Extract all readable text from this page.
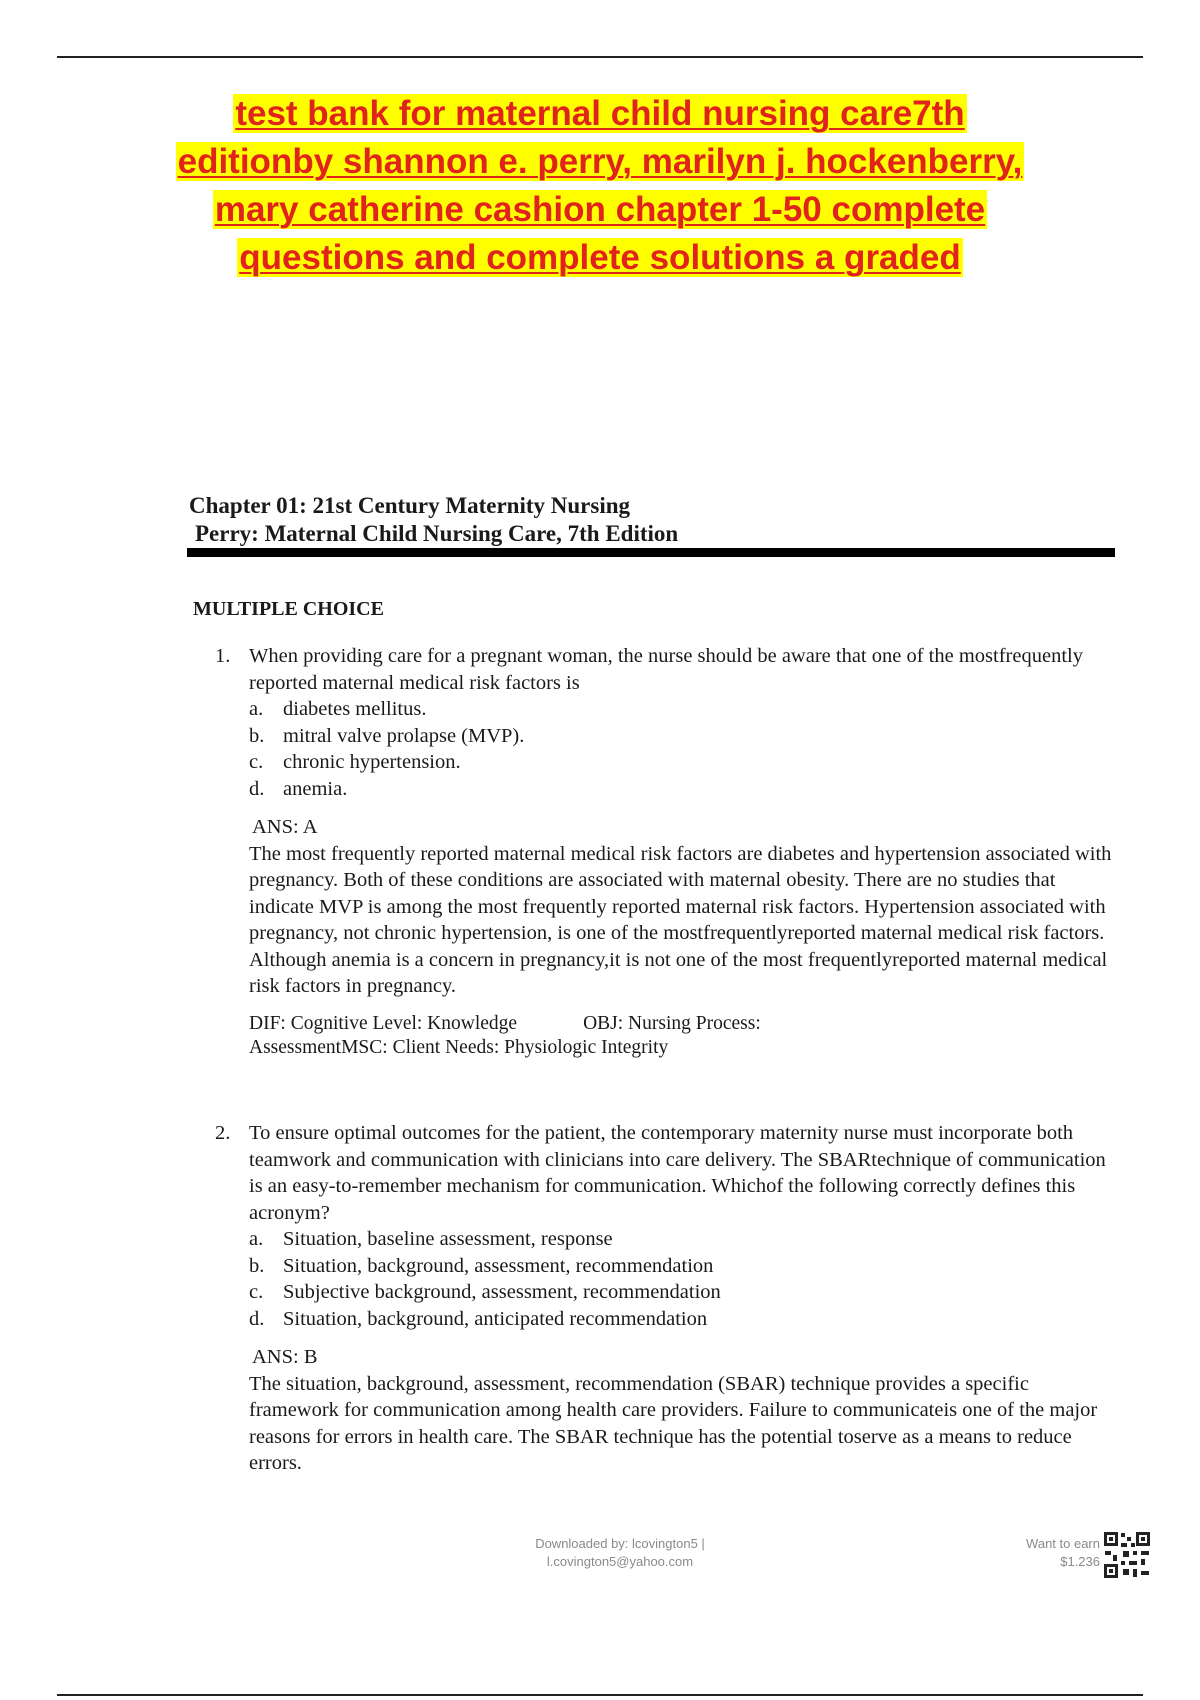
test bank for maternal child nursing care7th
editionby shannon e. perry, marilyn j. hockenberry,
mary catherine cashion chapter 1-50 complete
questions and complete solutions a graded
Chapter 01: 21st Century Maternity Nursing
Perry: Maternal Child Nursing Care, 7th Edition
MULTIPLE CHOICE
1. When providing care for a pregnant woman, the nurse should be aware that one of the mostfrequently reported maternal medical risk factors is
a. diabetes mellitus.
b. mitral valve prolapse (MVP).
c. chronic hypertension.
d. anemia.
ANS: A

The most frequently reported maternal medical risk factors are diabetes and hypertension associated with pregnancy. Both of these conditions are associated with maternal obesity. There are no studies that indicate MVP is among the most frequently reported maternal risk factors. Hypertension associated with pregnancy, not chronic hypertension, is one of the mostfrequentlyreported maternal medical risk factors. Although anemia is a concern in pregnancy,it is not one of the most frequentlyreported maternal medical risk factors in pregnancy.

DIF: Cognitive Level: Knowledge	OBJ: Nursing Process:
AssessmentMSC: Client Needs: Physiologic Integrity
2. To ensure optimal outcomes for the patient, the contemporary maternity nurse must incorporate both teamwork and communication with clinicians into care delivery. The SBARtechnique of communication is an easy-to-remember mechanism for communication. Whichof the following correctly defines this acronym?
a. Situation, baseline assessment, response
b. Situation, background, assessment, recommendation
c. Subjective background, assessment, recommendation
d. Situation, background, anticipated recommendation
ANS: B

The situation, background, assessment, recommendation (SBAR) technique provides a specific framework for communication among health care providers. Failure to communicateis one of the major reasons for errors in health care. The SBAR technique has the potential toserve as a means to reduce errors.

Downloaded by: lcovington5 |
l.covington5@yahoo.com
Want to earn
$1.236
